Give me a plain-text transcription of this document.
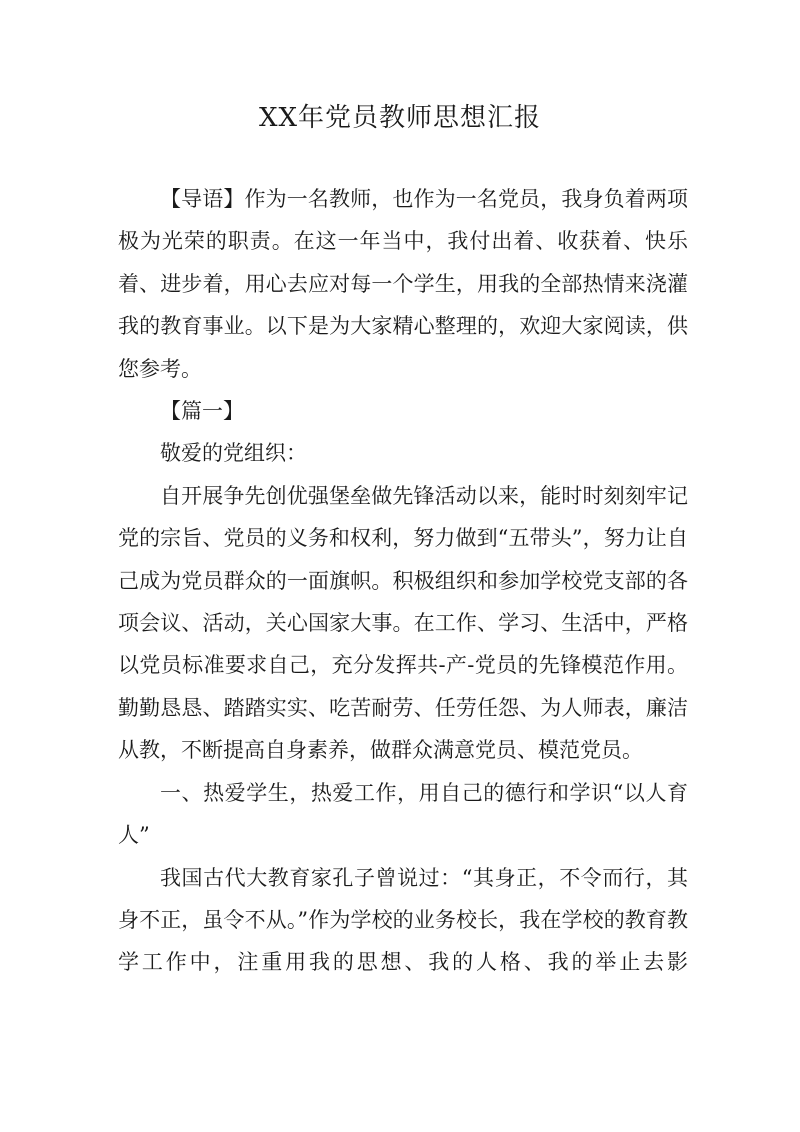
XX年党员教师思想汇报

【导语】作为一名教师，也作为一名党员，我身负着两项极为光荣的职责。在这一年当中，我付出着、收获着、快乐着、进步着，用心去应对每一个学生，用我的全部热情来浇灌我的教育事业。以下是为大家精心整理的，欢迎大家阅读，供您参考。

【篇一】

敬爱的党组织：

自开展争先创优强堡垒做先锋活动以来，能时时刻刻牢记党的宗旨、党员的义务和权利，努力做到“五带头”，努力让自己成为党员群众的一面旗帜。积极组织和参加学校党支部的各项会议、活动，关心国家大事。在工作、学习、生活中，严格以党员标准要求自己，充分发挥共-产-党员的先锋模范作用。勤勤恳恳、踏踏实实、吃苦耐劳、任劳任怨、为人师表，廉洁从教，不断提高自身素养，做群众满意党员、模范党员。

一、热爱学生，热爱工作，用自己的德行和学识“以人育人”

我国古代大教育家孔子曾说过：“其身正，不令而行，其身不正，虽令不从。”作为学校的业务校长，我在学校的教育教学工作中，注重用我的思想、我的人格、我的举止去影
